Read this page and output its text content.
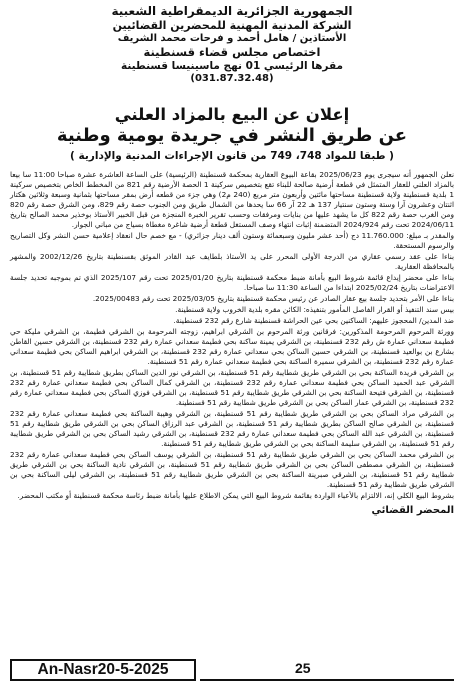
الجمهورية الجزائرية الديمقراطية الشعبية
الشركة المدنية المهنية للمحضرين القضائيين
الأستاذين / هامل أحمد و فرحات محمد الشريف
اختصاص مجلس قضاء قسنطينة
مقرها الرئيسي 01 نهج ماسينيسا قسنطينة
(031.87.32.48)
إعلان عن البيع بالمزاد العلني
عن طريق النشر في جريدة يومية وطنية
( طبقا للمواد 748، 749 من قانون الإجراءات المدنية والإدارية )

نعلن الجمهور أنه سيجرى يوم 2025/06/23 بقاعة البيوع العقارية بمحكمة قسنطينة (الرئيسية) على الساعة العاشرة عشرة صباحا 11:00 سا بيعا بالمزاد العلني للعقار المتمثل في قطعة أرضية صالحة للبناء تقع بتخصيص سركينة 1 الحصة الأرضية رقم 821 من المخطط الخاص بتخصيص سركينة 1 بلدية قسنطينة ولاية قسنطينة مساحتها مائتين وأربعون متر مربع (240 م2) وهي جزء من قطعه أرض بمقر مساحتها بثمانية وسبعة وثلاثين هكتار اثنتان وعشرون آرا وستة وستون سنتيار 137 هـ 22 آر 66 سا يحدها من الشمال طريق ومن الجنوب حصة رقم 829، ومن الشرق حصة رقم 820 ومن الغرب حصة رقم 822 كل ما يشهد عليها من بنايات ومرفقات وحسب تقرير الخبرة المنجزة من قبل الخبير الأستاذ بوخذير محمد الصالح بتاريخ 2024/06/11 تحت رقم 2024/924 المتضمنة إثبات انتهاء وصف المستغل قطعة أرضية شاغرة مغطاة بسياج من مباني الجوار.

والمقدر بـ مبلغ: 11.760.000 دج (أحد عشر مليون وسبعمائة وستون ألف دينار جزائري) - مع خصم حال انعقاد إعلامية حسن النشر وكل التصاريح والرسوم المستحقة.

بناءا على عقد رسمي عقاري من الدرجة الأولى المحرر على يد الأستاذ بلطايف عبد القادر الموثق بقسنطينة بتاريخ 2002/12/26 والمشهر بالمحافظة العقارية.

بناءا على محضر إيداع قائمة شروط البيع بأمانة ضبط محكمة قسنطينة بتاريخ 2025/01/20 تحت رقم 2025/107 الذي تم بموجبه تحديد جلسة الاعتراضات بتاريخ 2025/02/24 ابتداءا من الساعة 11:30 سا صباحا.

بناءا على الأمر بتحديد جلسة بيع عقار الصادر عن رئيس محكمة قسنطينة بتاريخ 2025/03/05 تحت رقم 2025/00483.

بيس سند التنفيذ أو القرار الفاصل المأمور بتنفيذه: الكائن مقره بلدية الخروب ولاية قسنطينة.

ضد المدين/ المحجوز عليهم: الساكنين بحي عين الحراشة قسنطينة شارع رقم 232 قسنطينة.

وورثة المرحوم المرحومة المذكورين: فرقانين ورثة المرحوم بن الشرقي ابراهيم، زوجته المرحومة بن الشرقي فطيمة، بن الشرقي مليكة حي فطيمة سعداني عمارة ش رقم 232 قسنطينة، بن الشرقي يمينة ساكنة بحي فطيمة سعداني عمارة رقم 232 قسنطينة، بن الشرقي حسين القاطن بشارع بن بوالعيد قسنطينة، بن الشرقي حسين الساكن بحي سعداني عمارة رقم 232 قسنطينة، بن الشرقي ابراهيم الساكن بحي فطيمة سعداني عمارة رقم 232 قسنطينة، بن الشرقي سميرة الساكنة بحي فطيمة سعداني عمارة رقم 51 قسنطينة.

بن الشرقي فريدة الساكنة بحي بن الشرقي طريق شطايبة رقم 51 قسنطينة، بن الشرقي نور الدين الساكن بطريق شطايبة رقم 51 قسنطينة، بن الشرقي عبد الحميد الساكن بحي فطيمة سعداني عمارة رقم 232 قسنطينة، بن الشرقي كمال الساكن بحي فطيمة سعداني عمارة رقم 232 قسنطينة، بن الشرقي فتيحة الساكنة بحي بن الشرقي طريق شطايبة رقم 51 قسنطينة، بن الشرقي فوزي الساكن بحي فطيمة سعداني عمارة رقم 232 قسنطينة، بن الشرقي عمار الساكن بحي بن الشرقي طريق شطايبة رقم 51 قسنطينة.

بن الشرقي مراد الساكن بحي بن الشرقي طريق شطايبة رقم 51 قسنطينة، بن الشرقي وهيبة الساكنة بحي فطيمة سعداني عمارة رقم 232 قسنطينة، بن الشرقي صالح الساكن بطريق شطايبة رقم 51 قسنطينة، بن الشرقي عبد الرزاق الساكن بحي بن الشرقي طريق شطايبة رقم 51 قسنطينة، بن الشرقي عبد الله الساكن بحي فطيمة سعداني عمارة رقم 232 قسنطينة، بن الشرقي رشيد الساكن بحي بن الشرقي طريق شطايبة رقم 51 قسنطينة، بن الشرقي سليمة الساكنة بحي بن الشرقي طريق شطايبة رقم 51 قسنطينة.

بن الشرقي محمد الساكن بحي بن الشرقي طريق شطايبة رقم 51 قسنطينة، بن الشرقي يوسف الساكن بحي فطيمة سعداني عمارة رقم 232 قسنطينة، بن الشرقي مصطفى الساكن بحي بن الشرقي طريق شطايبة رقم 51 قسنطينة، بن الشرقي نادية الساكنة بحي بن الشرقي طريق شطايبة رقم 51 قسنطينة، بن الشرقي صبرينة الساكنة بحي بن الشرقي طريق شطايبة رقم 51 قسنطينة، بن الشرقي ليلى الساكنة بحي بن الشرقي طريق شطايبة رقم 51 قسنطينة.

بشروط البيع الكلي إنه، الالتزام بالأعباء الواردة بقائمة شروط البيع التي يمكن الاطلاع عليها بأمانة ضبط رئاسة محكمة قسنطينة أو مكتب المحضر.

المحضر القضائي
An-Nasr20-5-2025	25
